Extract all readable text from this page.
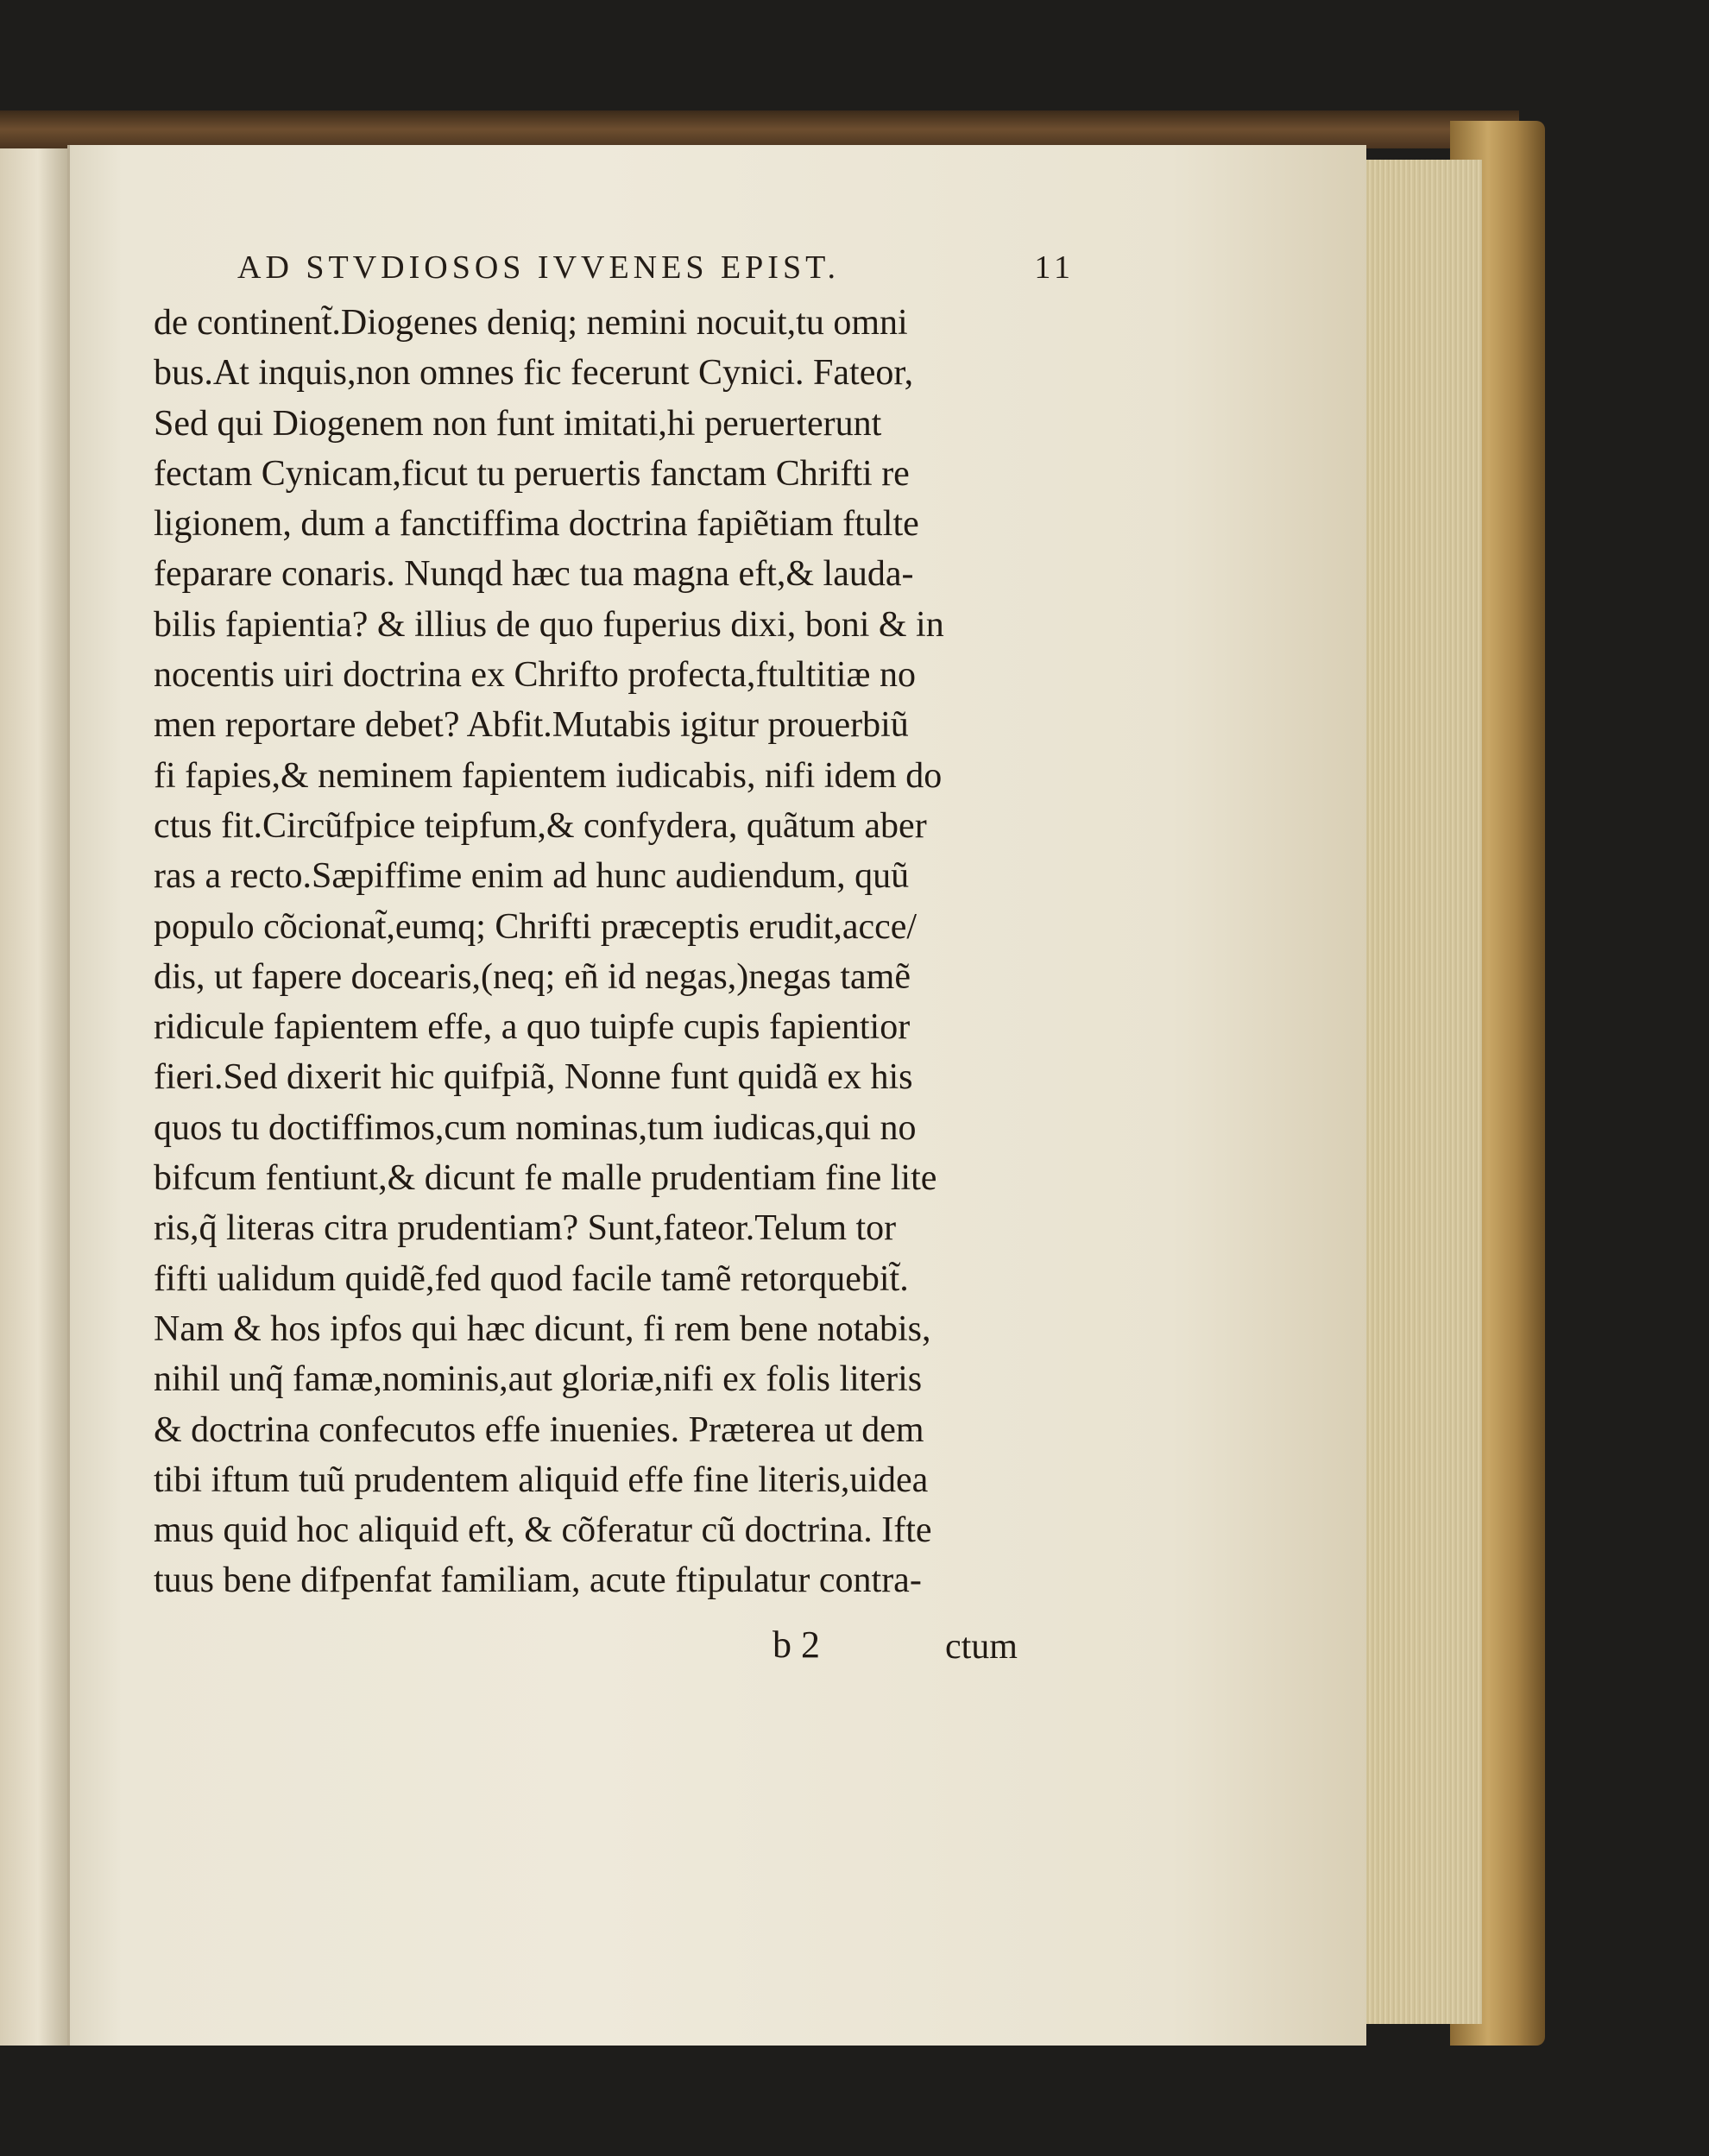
AD STVDIOSOS IVVENES EPIST.	11
de continent̃.Diogenes deniq; nemini nocuit,tu omni
bus.At inquis,non omnes fic fecerunt Cynici. Fateor,
Sed qui Diogenem non funt imitati,hi peruerterunt
fectam Cynicam,ficut tu peruertis fanctam Chrifti re
ligionem, dum a fanctiffima doctrina fapiẽtiam ftulte
feparare conaris. Nunqd hæc tua magna eft,& lauda-
bilis fapientia? & illius de quo fuperius dixi, boni & in
nocentis uiri doctrina ex Chrifto profecta,ftultitiæ no
men reportare debet? Abfit.Mutabis igitur prouerbiũ
fi fapies,& neminem fapientem iudicabis, nifi idem do
ctus fit.Circũfpice teipfum,& confydera, quãtum aber
ras a recto.Sæpiffime enim ad hunc audiendum, quũ
populo cõcionat̃,eumq; Chrifti præceptis erudit,acce/
dis, ut fapere docearis,(neq; eñ id negas,)negas tamẽ
ridicule fapientem effe, a quo tuipfe cupis fapientior
fieri.Sed dixerit hic quifpiã, Nonne funt quidã ex his
quos tu doctiffimos,cum nominas,tum iudicas,qui no
bifcum fentiunt,& dicunt fe malle prudentiam fine lite
ris,q̃ literas citra prudentiam? Sunt,fateor.Telum tor
fifti ualidum quidẽ,fed quod facile tamẽ retorquebit̃.
Nam & hos ipfos qui hæc dicunt, fi rem bene notabis,
nihil unq̃ famæ,nominis,aut gloriæ,nifi ex folis literis
& doctrina confecutos effe inuenies. Præterea ut dem
tibi iftum tuũ prudentem aliquid effe fine literis,uidea
mus quid hoc aliquid eft, & cõferatur cũ doctrina. Ifte
tuus bene difpenfat familiam, acute ftipulatur contra-
b 2	ctum
